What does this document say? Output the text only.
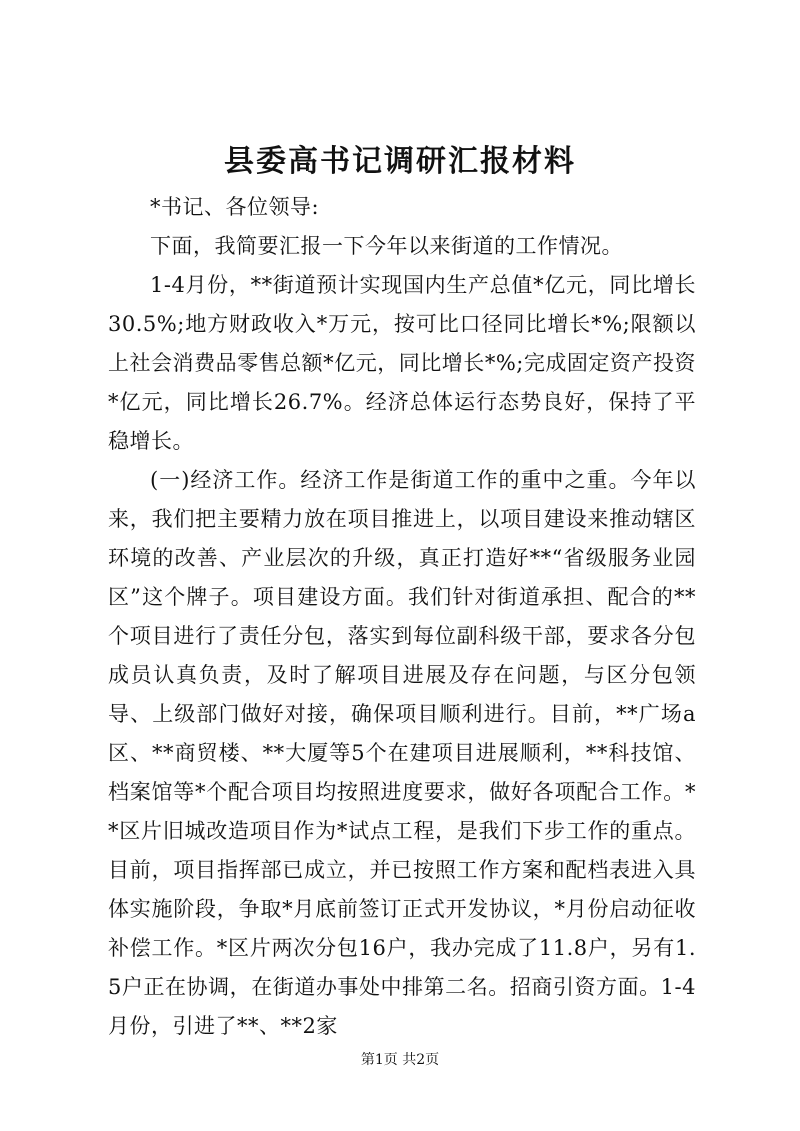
县委高书记调研汇报材料

*书记、各位领导:

下面，我简要汇报一下今年以来街道的工作情况。

1-4月份，**街道预计实现国内生产总值*亿元，同比增长30.5%;地方财政收入*万元，按可比口径同比增长*%;限额以上社会消费品零售总额*亿元，同比增长*%;完成固定资产投资*亿元，同比增长26.7%。经济总体运行态势良好，保持了平稳增长。

(一)经济工作。经济工作是街道工作的重中之重。今年以来，我们把主要精力放在项目推进上，以项目建设来推动辖区环境的改善、产业层次的升级，真正打造好**“省级服务业园区”这个牌子。项目建设方面。我们针对街道承担、配合的**个项目进行了责任分包，落实到每位副科级干部，要求各分包成员认真负责，及时了解项目进展及存在问题，与区分包领导、上级部门做好对接，确保项目顺利进行。目前，**广场a区、**商贸楼、**大厦等5个在建项目进展顺利，**科技馆、档案馆等*个配合项目均按照进度要求，做好各项配合工作。**区片旧城改造项目作为*试点工程，是我们下步工作的重点。目前，项目指挥部已成立，并已按照工作方案和配档表进入具体实施阶段，争取*月底前签订正式开发协议，*月份启动征收补偿工作。*区片两次分包16户，我办完成了11.8户，另有1.5户正在协调，在街道办事处中排第二名。招商引资方面。1-4月份，引进了**、**2家

第1页 共2页
